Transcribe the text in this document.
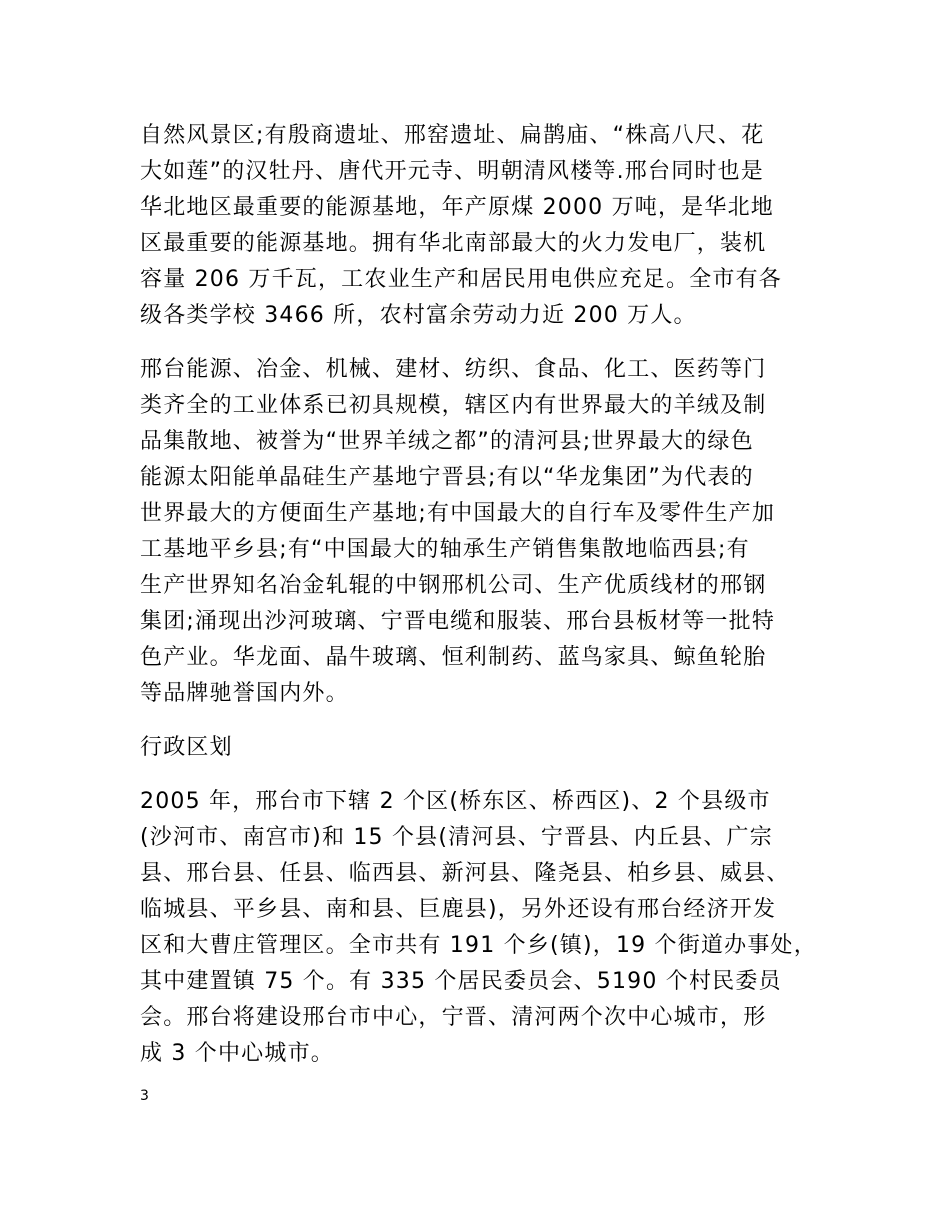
自然风景区;有殷商遗址、邢窑遗址、扁鹊庙、“株高八尺、花
大如莲”的汉牡丹、唐代开元寺、明朝清风楼等.邢台同时也是
华北地区最重要的能源基地，年产原煤 2000 万吨，是华北地
区最重要的能源基地。拥有华北南部最大的火力发电厂，装机
容量 206 万千瓦，工农业生产和居民用电供应充足。全市有各
级各类学校 3466 所，农村富余劳动力近 200 万人。

邢台能源、冶金、机械、建材、纺织、食品、化工、医药等门
类齐全的工业体系已初具规模，辖区内有世界最大的羊绒及制
品集散地、被誉为“世界羊绒之都”的清河县;世界最大的绿色
能源太阳能单晶硅生产基地宁晋县;有以“华龙集团”为代表的
世界最大的方便面生产基地;有中国最大的自行车及零件生产加
工基地平乡县;有“中国最大的轴承生产销售集散地临西县;有
生产世界知名冶金轧辊的中钢邢机公司、生产优质线材的邢钢
集团;涌现出沙河玻璃、宁晋电缆和服装、邢台县板材等一批特
色产业。华龙面、晶牛玻璃、恒利制药、蓝鸟家具、鲸鱼轮胎
等品牌驰誉国内外。

行政区划

2005 年，邢台市下辖 2 个区(桥东区、桥西区)、2 个县级市
(沙河市、南宫市)和 15 个县(清河县、宁晋县、内丘县、广宗
县、邢台县、任县、临西县、新河县、隆尧县、柏乡县、威县、
临城县、平乡县、南和县、巨鹿县)，另外还设有邢台经济开发
区和大曹庄管理区。全市共有 191 个乡(镇)，19 个街道办事处，
其中建置镇 75 个。有 335 个居民委员会、5190 个村民委员
会。邢台将建设邢台市中心，宁晋、清河两个次中心城市，形
成 3 个中心城市。

3
